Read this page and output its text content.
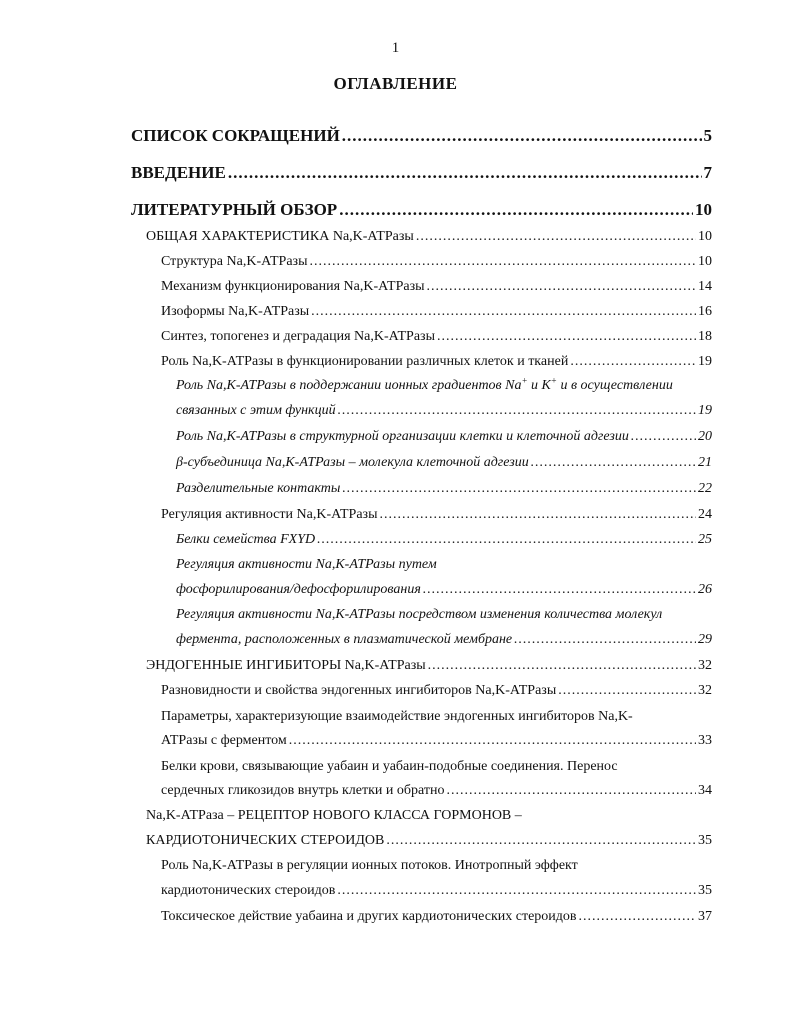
1
ОГЛАВЛЕНИЕ
СПИСОК СОКРАЩЕНИЙ .....	5
ВВЕДЕНИЕ .....	7
ЛИТЕРАТУРНЫЙ ОБЗОР .....	10
ОБЩАЯ ХАРАКТЕРИСТИКА Na,K-АТРазы .....	10
Структура Na,K-АТРазы .....	10
Механизм функционирования Na,K-АТРазы .....	14
Изоформы Na,K-АТРазы .....	16
Синтез, топогенез и деградация Na,K-АТРазы .....	18
Роль Na,K-АТРазы в функционировании различных клеток и тканей .....	19
Роль Na,K-АТРазы в поддержании ионных градиентов Na+ и K+ и в осуществлении
связанных с этим функций .....	19
Роль Na,K-АТРазы в структурной организации клетки и клеточной адгезии .....	20
β-субъединица Na,K-АТРазы – молекула клеточной адгезии .....	21
Разделительные контакты .....	22
Регуляция активности Na,K-АТРазы .....	24
Белки семейства FXYD .....	25
Регуляция активности Na,K-АТРазы путем
фосфорилирования/дефосфорилирования .....	26
Регуляция активности Na,K-АТРазы посредством изменения количества молекул
фермента, расположенных в плазматической мембране .....	29
ЭНДОГЕННЫЕ ИНГИБИТОРЫ Na,K-АТРазы .....	32
Разновидности и свойства эндогенных ингибиторов Na,K-АТРазы .....	32
Параметры, характеризующие взаимодействие эндогенных ингибиторов Na,K-
АТРазы с ферментом .....	33
Белки крови, связывающие уабаин и уабаин-подобные соединения. Перенос
сердечных гликозидов внутрь клетки и обратно .....	34
Na,K-АТРаза – РЕЦЕПТОР НОВОГО КЛАССА ГОРМОНОВ –
КАРДИОТОНИЧЕСКИХ СТЕРОИДОВ .....	35
Роль Na,K-АТРазы в регуляции ионных потоков. Инотропный эффект
кардиотонических стероидов .....	35
Токсическое действие уабаина и других кардиотонических стероидов .....	37
